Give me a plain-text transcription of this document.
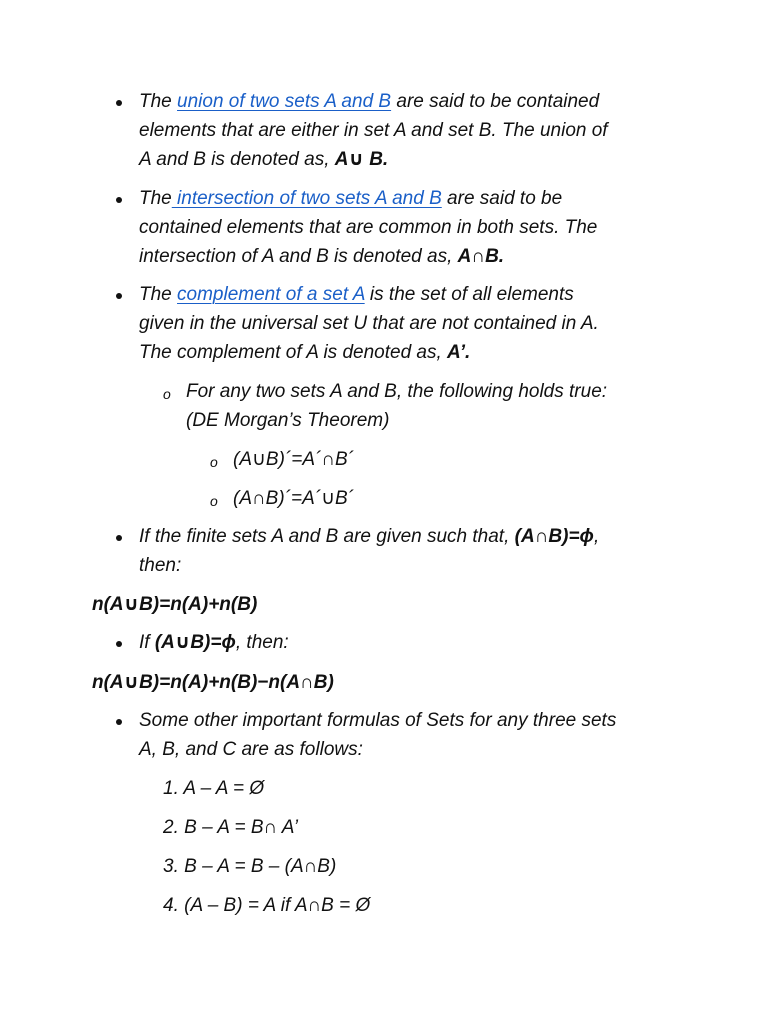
The union of two sets A and B are said to be contained
elements that are either in set A and set B. The union of
A and B is denoted as, A∪ B.
The intersection of two sets A and B are said to be
contained elements that are common in both sets. The
intersection of A and B is denoted as, A∩B.
The complement of a set A is the set of all elements
given in the universal set U that are not contained in A.
The complement of A is denoted as, A’.
o For any two sets A and B, the following holds true:
(DE Morgan’s Theorem)
o (A∪B)´=A´∩B´
o (A∩B)´=A´∪B´
If the finite sets A and B are given such that, (A∩B)=ϕ,
then:
n(A∪B)=n(A)+n(B)
If (A∪B)=ϕ, then:
n(A∪B)=n(A)+n(B)−n(A∩B)
Some other important formulas of Sets for any three sets
A, B, and C are as follows:
1. A – A = Ø
2. B – A = B∩ A’
3. B – A = B – (A∩B)
4. (A – B) = A if A∩B = Ø
